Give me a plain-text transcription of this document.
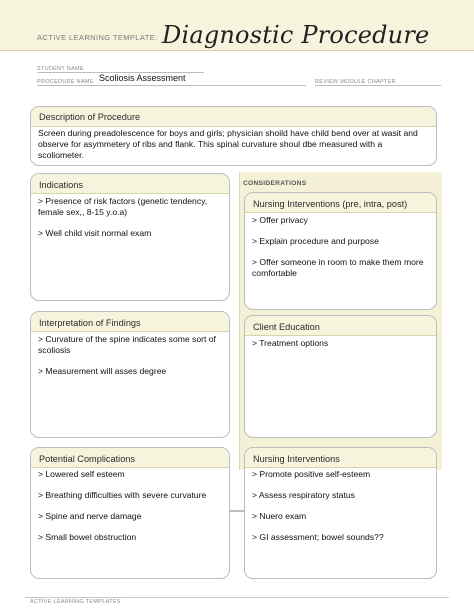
ACTIVE LEARNING TEMPLATE: Diagnostic Procedure
STUDENT NAME
PROCEDURE NAME Scoliosis Assessment	REVIEW MODULE CHAPTER
Description of Procedure
Screen during preadolescence for boys and girls; physician shoild have child bend over at wasit and observe for asymmetery of ribs and flank. This spinal curvature shoul dbe measured with a scoliometer.
CONSIDERATIONS
Indications

> Presence of risk factors (genetic tendency, female sex,, 8-15 y.o.a)

> Well child visit normal exam

Nursing Interventions (pre, intra, post)

> Offer privacy

> Explain procedure and purpose

> Offer someone in room to make them more comfortable

Interpretation of Findings

> Curvature of the spine indicates some sort of scoliosis

> Measurement will asses degree

Client Education

> Treatment options

Potential Complications

> Lowered self esteem

> Breathing difficulties with severe curvature

> Spine and nerve damage

> Small bowel obstruction

Nursing Interventions

> Promote positive self-esteem

> Assess respiratory status

> Nuero exam

> GI assessment; bowel sounds??

ACTIVE LEARNING TEMPLATES
